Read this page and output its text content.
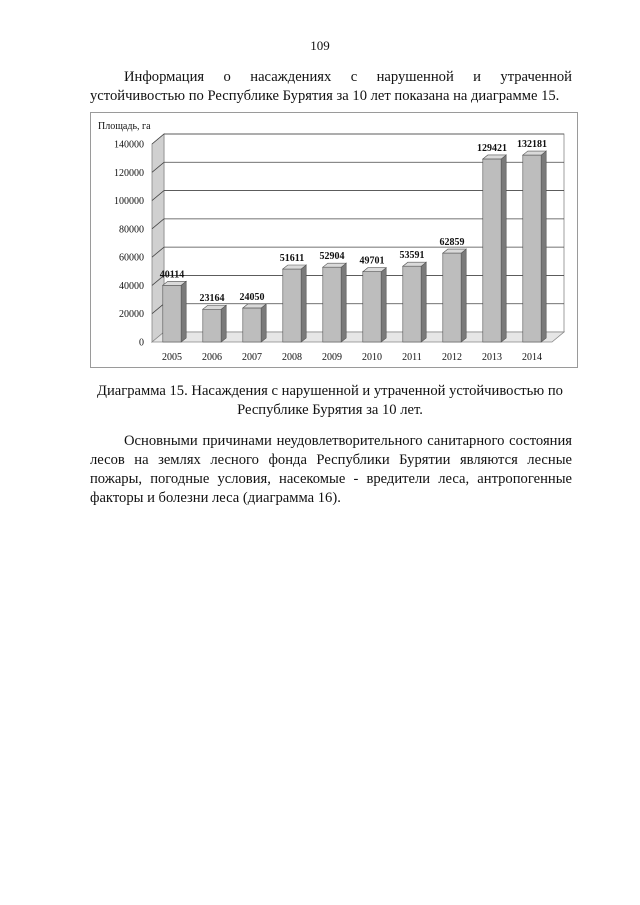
109

Информация о насаждениях с нарушенной и утраченной устойчивостью по Республике Бурятия за 10 лет показана на диаграмме 15.

0
20000
40000
60000
80000
100000
120000
140000
2005 2006 2007 2008 2009 2010 2011 2012 2013 2014
40114
23164 24050
51611 52904 49701
53591
62859
129421 132181
Площадь, га
Диаграмма 15. Насаждения с нарушенной и утраченной устойчивостью по
Республике Бурятия за 10 лет.

Основными причинами неудовлетворительного санитарного состояния лесов на землях лесного фонда Республики Бурятии являются лесные пожары, погодные условия, насекомые - вредители леса, антропогенные факторы и болезни леса (диаграмма 16).
